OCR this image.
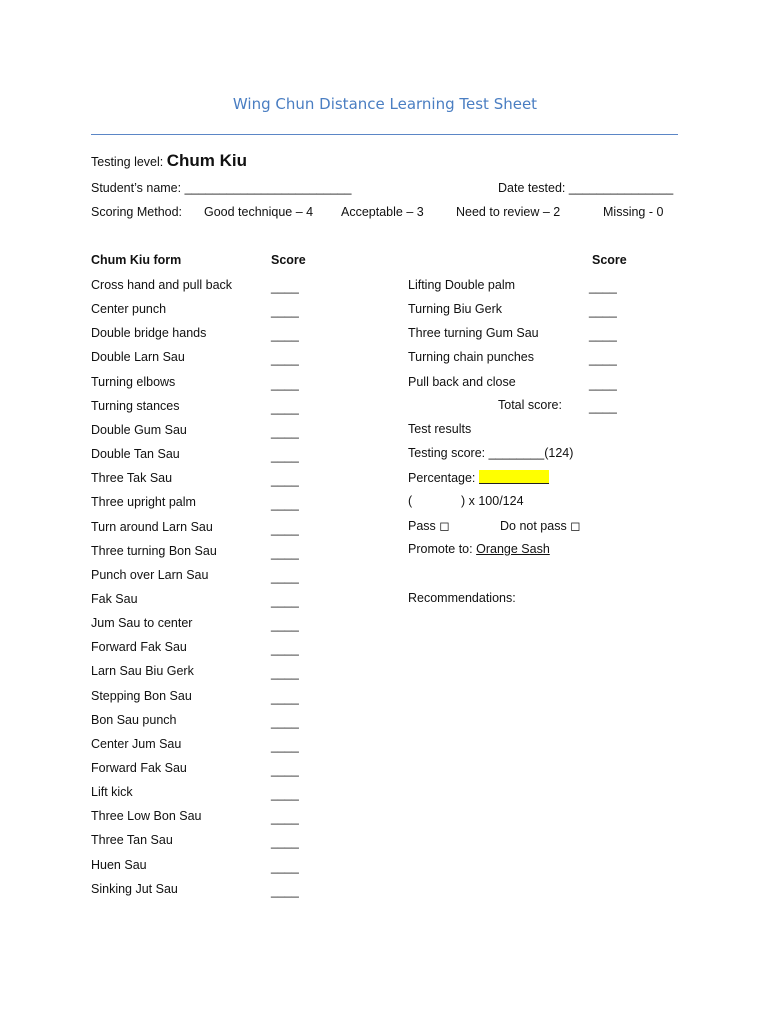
Wing Chun Distance Learning Test Sheet
Testing level: Chum Kiu
Student’s name: ________________________	Date tested: _______________
Scoring Method: Good technique – 4 Acceptable – 3	Need to review – 2	Missing - 0
Chum Kiu form	Score	Score
Cross hand and pull back	____
Center punch	____
Double bridge hands	____
Double Larn Sau	____
Turning elbows	____
Turning stances	____
Double Gum Sau	____
Double Tan Sau	____
Three Tak Sau	____
Three upright palm	____
Turn around Larn Sau	____
Three turning Bon Sau	____
Punch over Larn Sau	____
Fak Sau	____
Jum Sau to center	____
Forward Fak Sau	____
Larn Sau Biu Gerk	____
Stepping Bon Sau	____
Bon Sau punch	____
Center Jum Sau	____
Forward Fak Sau	____
Lift kick	____
Three Low Bon Sau	____
Three Tan Sau	____
Huen Sau	____
Sinking Jut Sau	____
Lifting Double palm	____
Turning Biu Gerk	____
Three turning Gum Sau	____
Turning chain punches	____
Pull back and close	____
Total score: ____
Test results
Testing score: ________(124)
Percentage:
(	) x 100/124
Pass ◻	Do not pass ◻
Promote to: Orange Sash
Recommendations:
